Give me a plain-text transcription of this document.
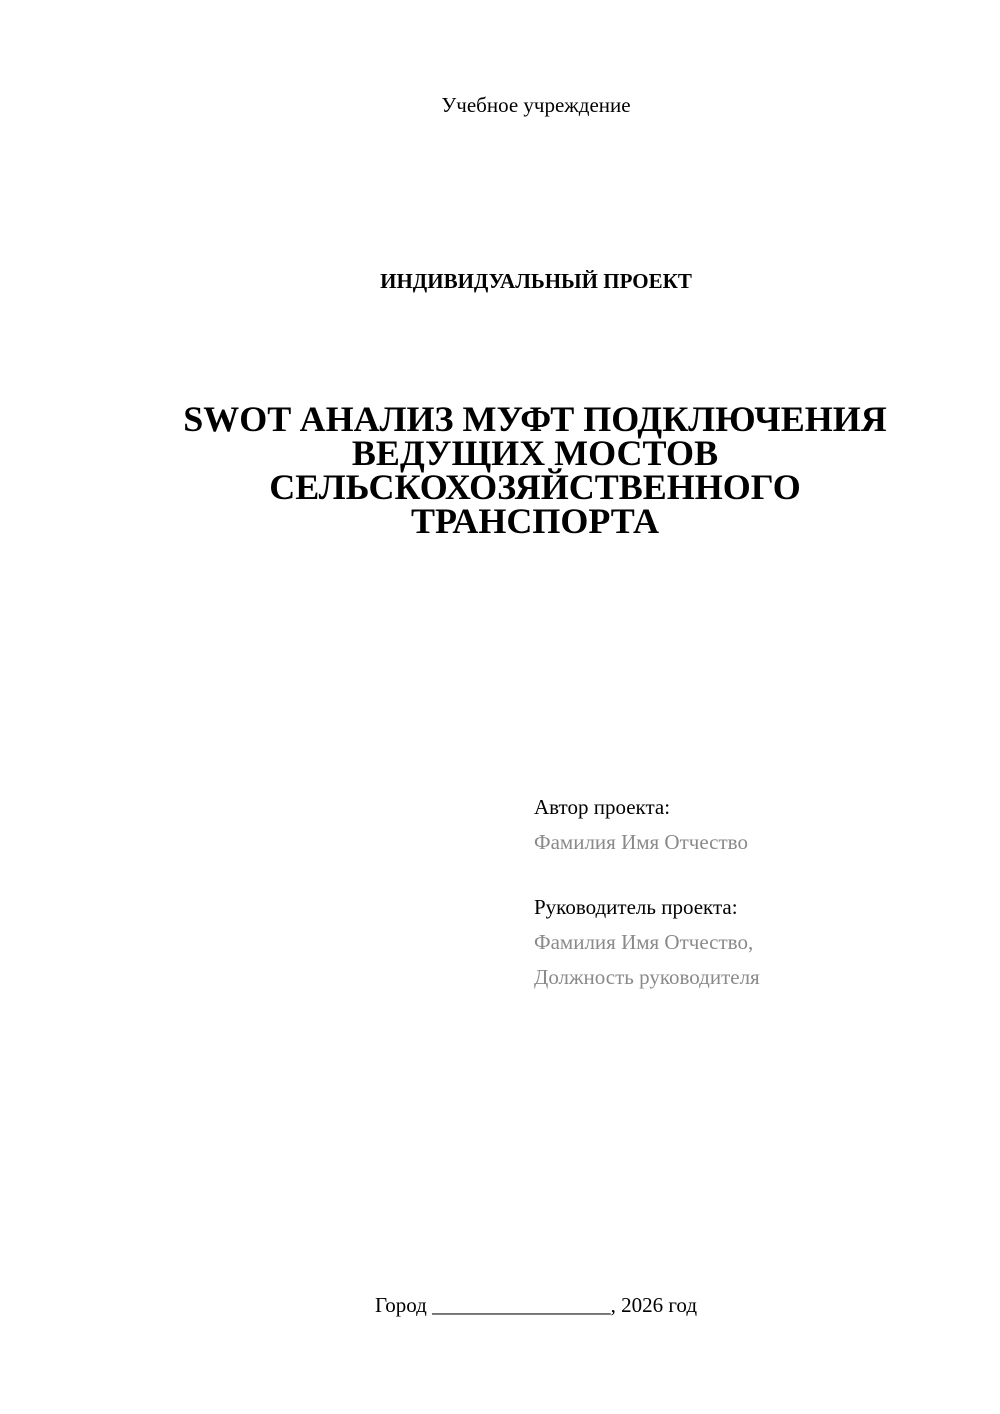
Учебное учреждение
ИНДИВИДУАЛЬНЫЙ ПРОЕКТ
SWOT АНАЛИЗ МУФТ ПОДКЛЮЧЕНИЯ
ВЕДУЩИХ МОСТОВ
СЕЛЬСКОХОЗЯЙСТВЕННОГО
ТРАНСПОРТА
Автор проекта:
Фамилия Имя Отчество
Руководитель проекта:
Фамилия Имя Отчество,
Должность руководителя
Город _________________, 2026 год
